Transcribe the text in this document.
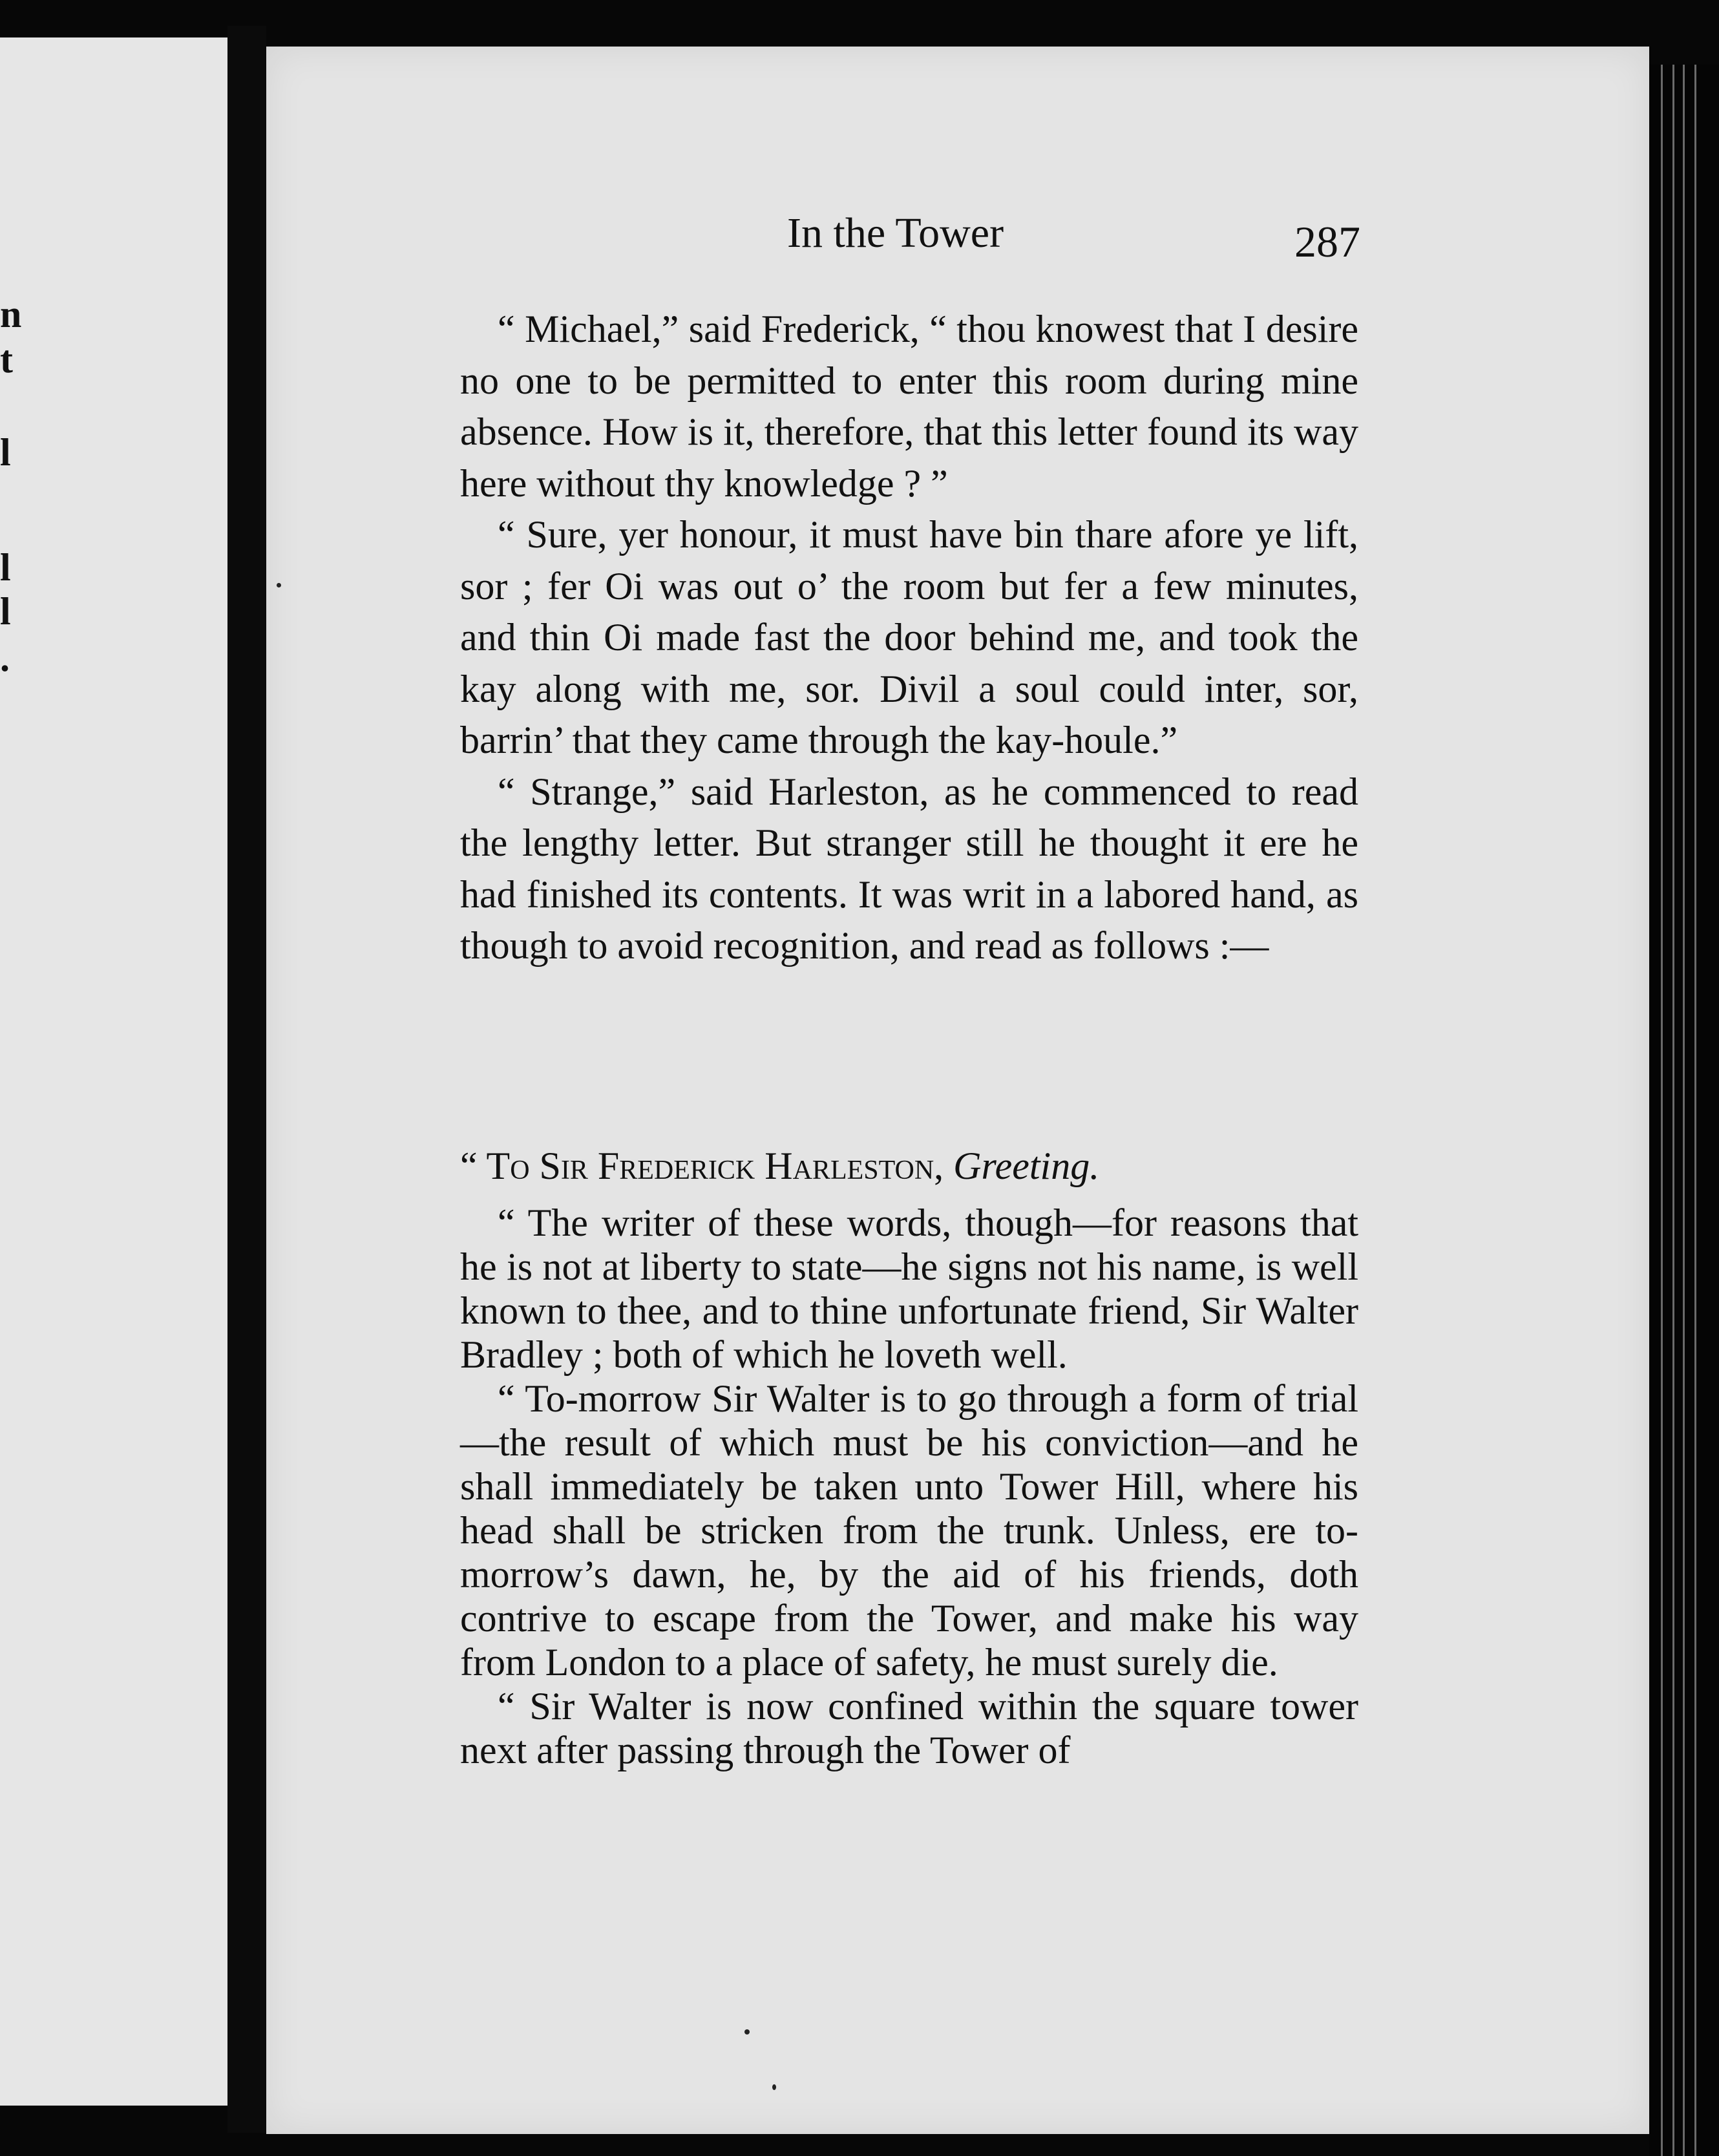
n
t
l
l
l
.
In the Tower	287

“ Michael,” said Frederick, “ thou knowest that I desire no one to be permitted to enter this room during mine absence. How is it, therefore, that this letter found its way here without thy knowledge ? ”

“ Sure, yer honour, it must have bin thare afore ye lift, sor ; fer Oi was out o’ the room but fer a few minutes, and thin Oi made fast the door behind me, and took the kay along with me, sor. Divil a soul could inter, sor, barrin’ that they came through the kay-houle.”

“ Strange,” said Harleston, as he commenced to read the lengthy letter. But stranger still he thought it ere he had finished its contents. It was writ in a labored hand, as though to avoid recognition, and read as follows :—

“ To Sir Frederick Harleston, Greeting.

“ The writer of these words, though—for reasons that he is not at liberty to state—he signs not his name, is well known to thee, and to thine unfortunate friend, Sir Walter Bradley ; both of which he loveth well.

“ To-morrow Sir Walter is to go through a form of trial—the result of which must be his conviction—and he shall immediately be taken unto Tower Hill, where his head shall be stricken from the trunk. Unless, ere to-morrow’s dawn, he, by the aid of his friends, doth contrive to escape from the Tower, and make his way from London to a place of safety, he must surely die.

“ Sir Walter is now confined within the square tower next after passing through the Tower of
